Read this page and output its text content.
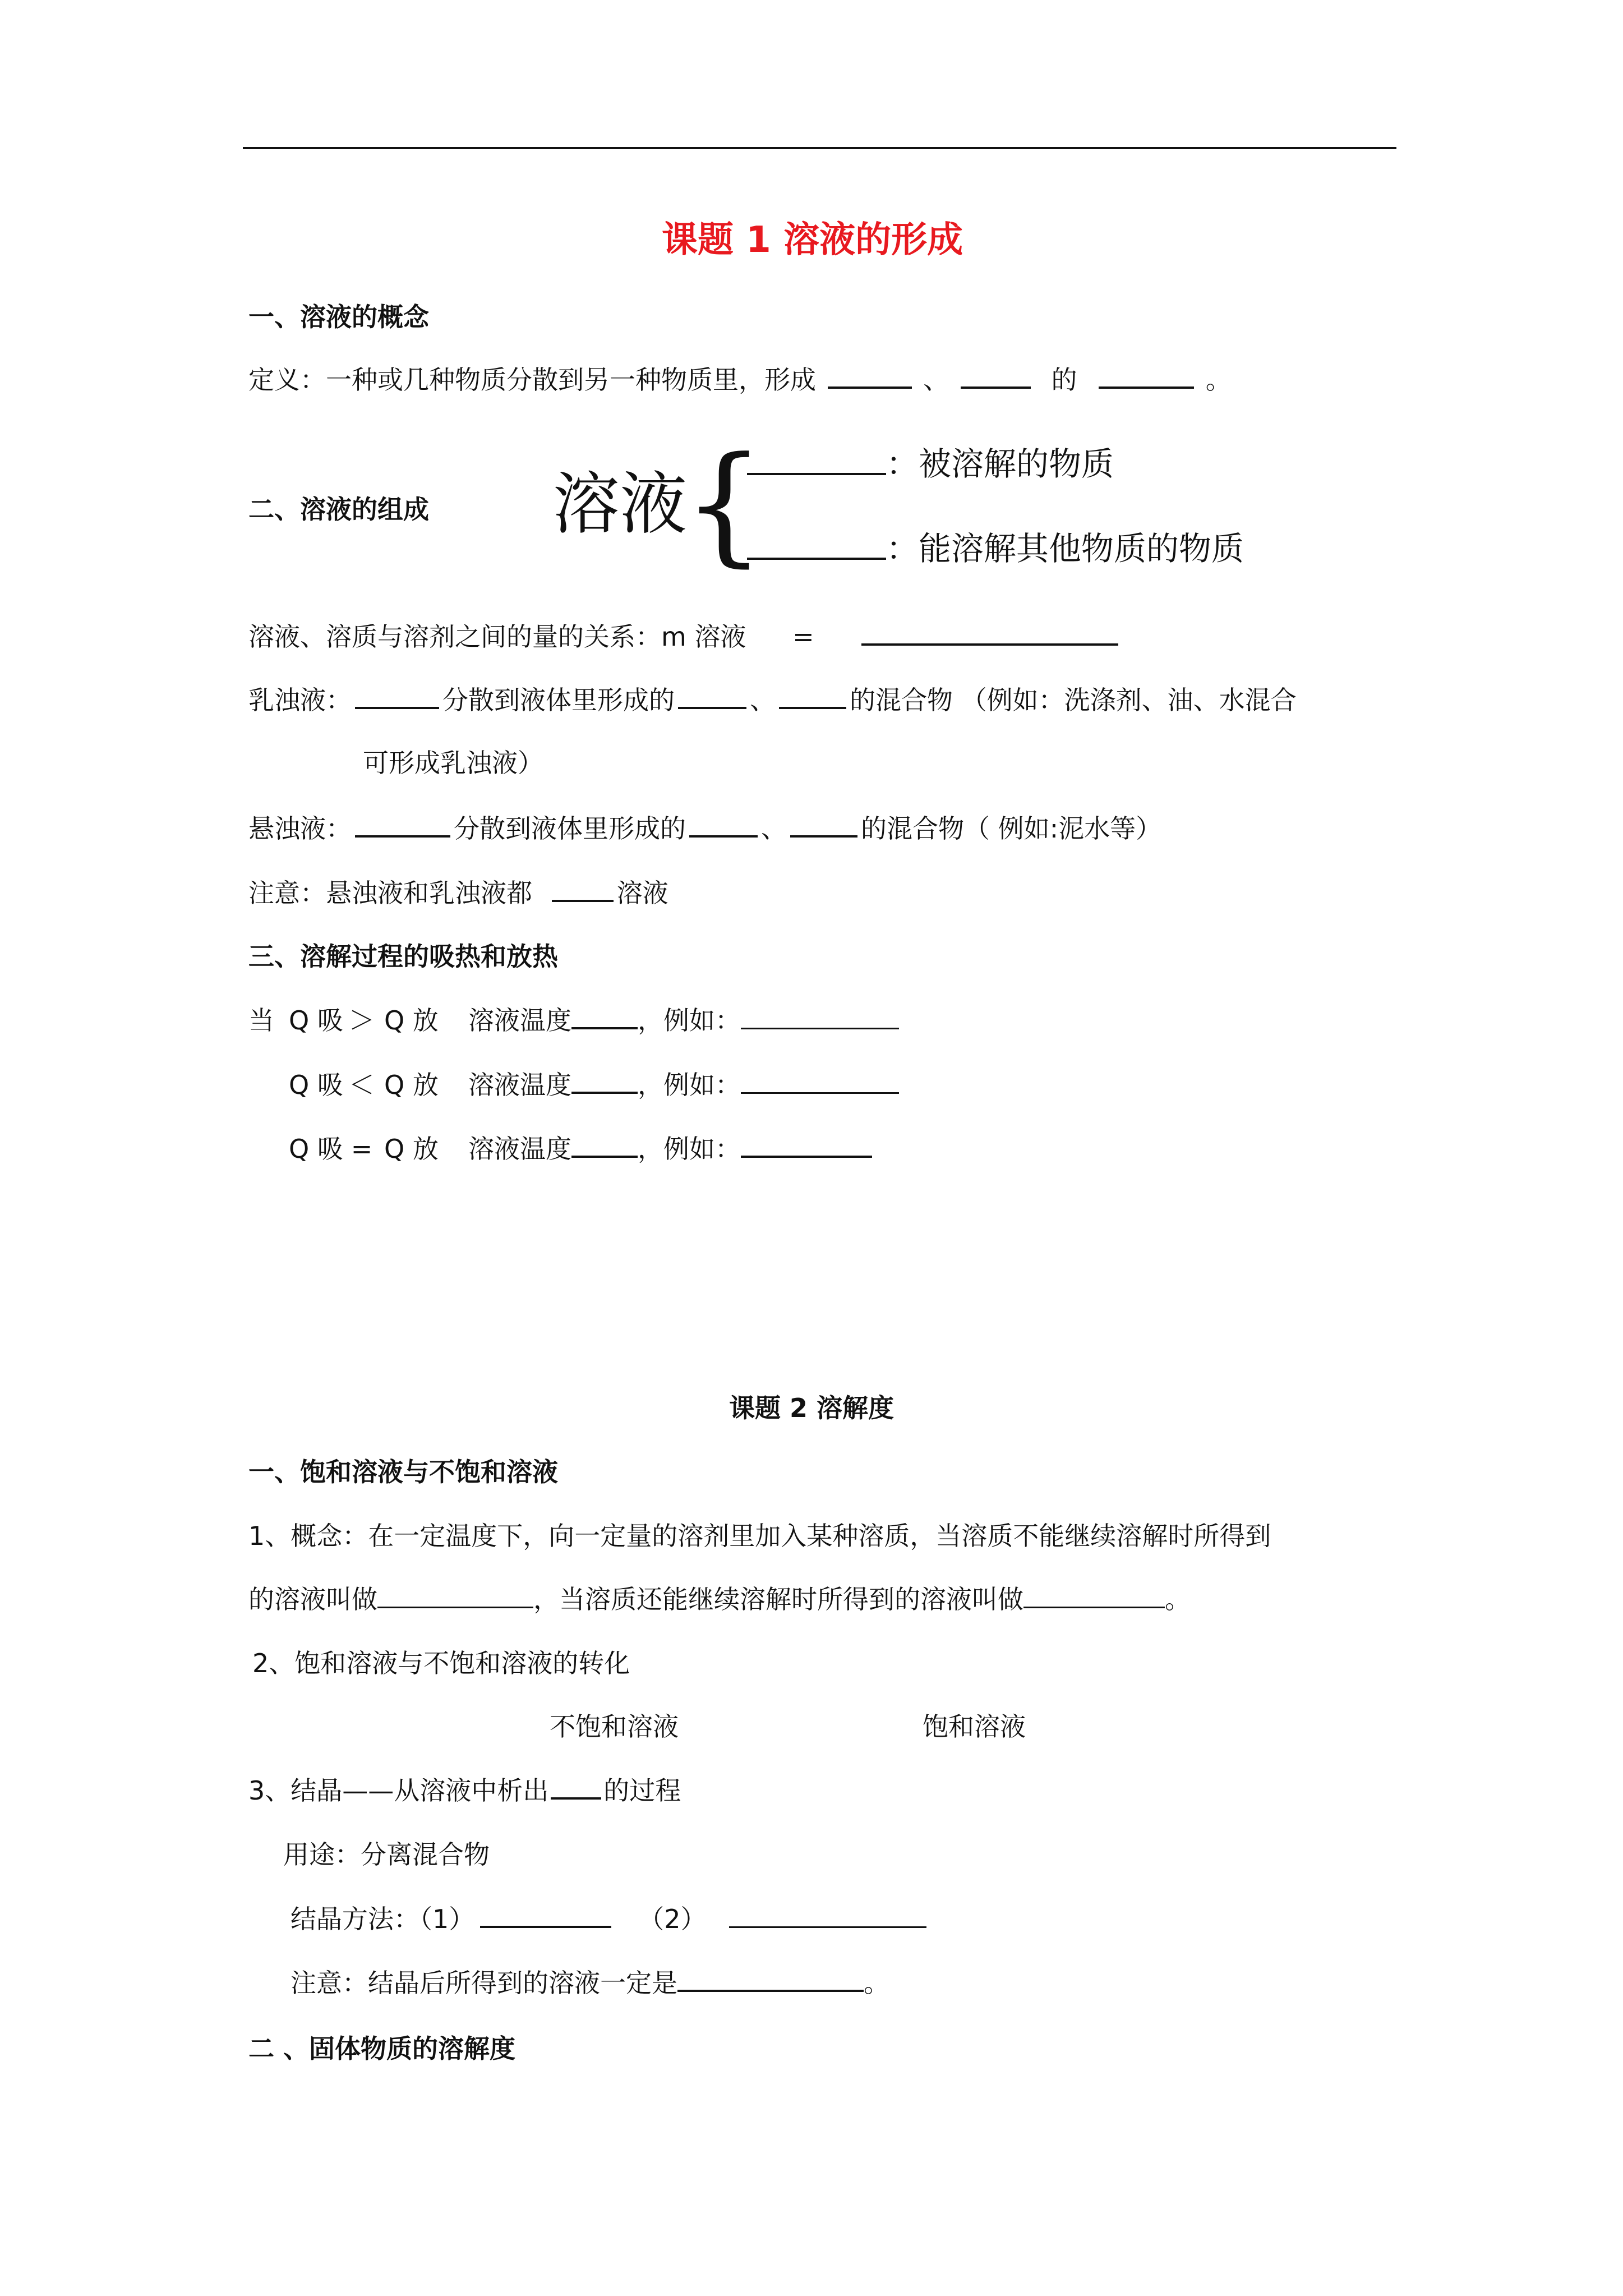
课题 1 溶液的形成
一、溶液的概念
定义：一种或几种物质分散到另一种物质里，形成	、	的	。
二、溶液的组成 溶液
{	：被溶解的物质
：能溶解其他物质的物质
溶液、溶质与溶剂之间的量的关系：m 溶液 =
乳浊液：	分散到液体里形成的	、	的混合物 （例如：洗涤剂、油、水混合
可形成乳浊液）
悬浊液：	分散到液体里形成的	、	的混合物（ 例如:泥水等）
注意：悬浊液和乳浊液都	溶液
三、溶解过程的吸热和放热
当 Q 吸 ＞ Q 放 溶液温度	，例如：
Q 吸 ＜ Q 放 溶液温度	，例如：
Q 吸 = Q 放 溶液温度	，例如：
课题 2 溶解度
一、饱和溶液与不饱和溶液
1、概念：在一定温度下，向一定量的溶剂里加入某种溶质，当溶质不能继续溶解时所得到
的溶液叫做	，当溶质还能继续溶解时所得到的溶液叫做	。
2、饱和溶液与不饱和溶液的转化
不饱和溶液	饱和溶液
3、结晶——从溶液中析出 的过程
用途：分离混合物
结晶方法：（1）	（2）
注意：结晶后所得到的溶液一定是	。
二 、固体物质的溶解度
